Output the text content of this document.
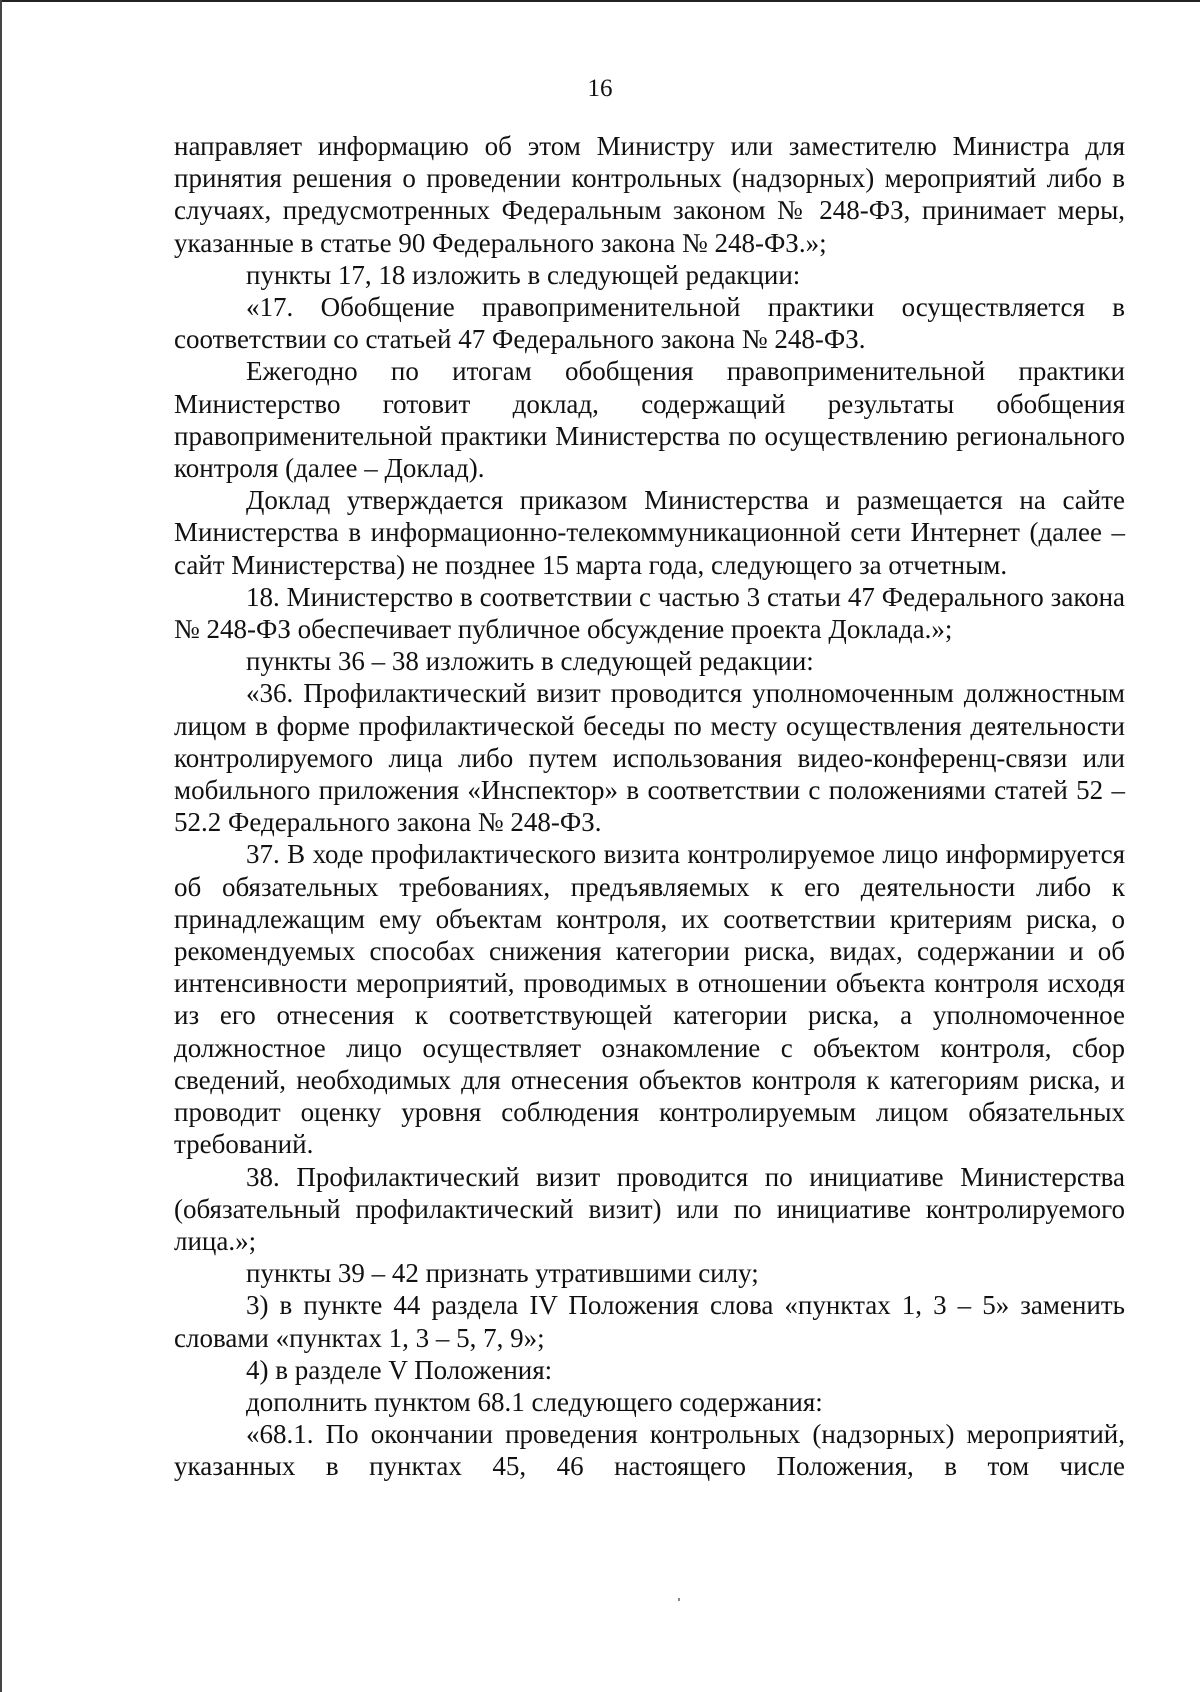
16

направляет информацию об этом Министру или заместителю Министра для принятия решения о проведении контрольных (надзорных) мероприятий либо в случаях, предусмотренных Федеральным законом № 248-ФЗ, принимает меры, указанные в статье 90 Федерального закона № 248-ФЗ.»;

пункты 17, 18 изложить в следующей редакции:

«17. Обобщение правоприменительной практики осуществляется в соответствии со статьей 47 Федерального закона № 248-ФЗ.

Ежегодно по итогам обобщения правоприменительной практики Министерство готовит доклад, содержащий результаты обобщения правоприменительной практики Министерства по осуществлению регионального контроля (далее – Доклад).

Доклад утверждается приказом Министерства и размещается на сайте Министерства в информационно-телекоммуникационной сети Интернет (далее – сайт Министерства) не позднее 15 марта года, следующего за отчетным.

18. Министерство в соответствии с частью 3 статьи 47 Федерального закона № 248-ФЗ обеспечивает публичное обсуждение проекта Доклада.»;

пункты 36 – 38 изложить в следующей редакции:

«36. Профилактический визит проводится уполномоченным должностным лицом в форме профилактической беседы по месту осуществления деятельности контролируемого лица либо путем использования видео-конференц-связи или мобильного приложения «Инспектор» в соответствии с положениями статей 52 – 52.2 Федерального закона № 248-ФЗ.

37. В ходе профилактического визита контролируемое лицо информируется об обязательных требованиях, предъявляемых к его деятельности либо к принадлежащим ему объектам контроля, их соответствии критериям риска, о рекомендуемых способах снижения категории риска, видах, содержании и об интенсивности мероприятий, проводимых в отношении объекта контроля исходя из его отнесения к соответствующей категории риска, а уполномоченное должностное лицо осуществляет ознакомление с объектом контроля, сбор сведений, необходимых для отнесения объектов контроля к категориям риска, и проводит оценку уровня соблюдения контролируемым лицом обязательных требований.

38. Профилактический визит проводится по инициативе Министерства (обязательный профилактический визит) или по инициативе контролируемого лица.»;

пункты 39 – 42 признать утратившими силу;

3) в пункте 44 раздела IV Положения слова «пунктах 1, 3 – 5» заменить словами «пунктах 1, 3 – 5, 7, 9»;

4) в разделе V Положения:

дополнить пунктом 68.1 следующего содержания:

«68.1. По окончании проведения контрольных (надзорных) мероприятий, указанных в пунктах 45, 46 настоящего Положения, в том числе
